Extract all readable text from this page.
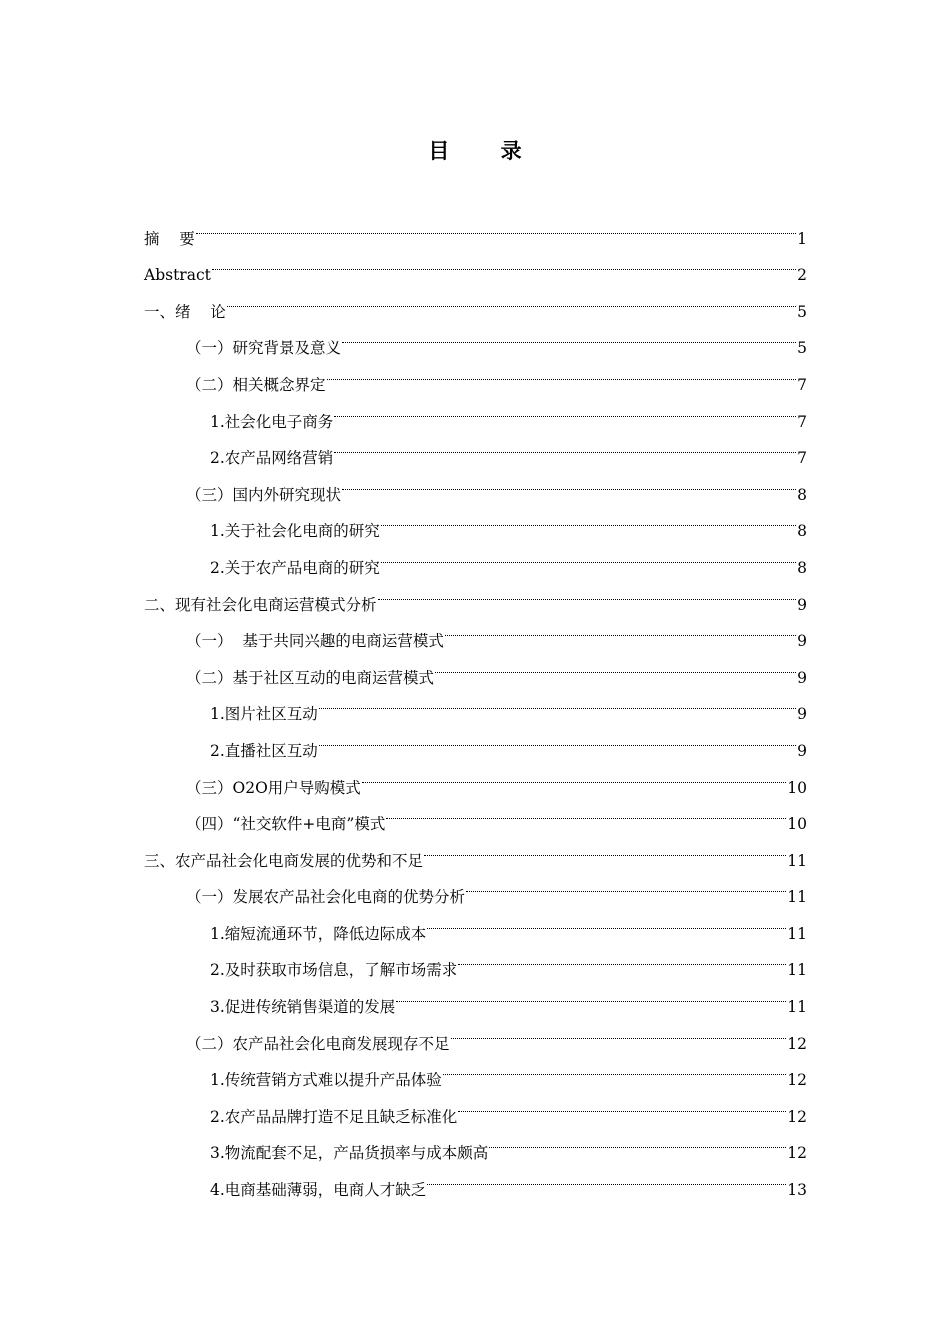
目 录
摘    要	1
Abstract	2
一、绪    论	5
（一）研究背景及意义	5
（二）相关概念界定	7
1.社会化电子商务	7
2.农产品网络营销	7
（三）国内外研究现状	8
1.关于社会化电商的研究	8
2.关于农产品电商的研究	8
二、现有社会化电商运营模式分析	9
（一）  基于共同兴趣的电商运营模式	9
（二）基于社区互动的电商运营模式	9
1.图片社区互动	9
2.直播社区互动	9
（三）O2O用户导购模式	10
（四）“社交软件+电商”模式	10
三、农产品社会化电商发展的优势和不足	11
（一）发展农产品社会化电商的优势分析	11
1.缩短流通环节，降低边际成本	11
2.及时获取市场信息，了解市场需求	11
3.促进传统销售渠道的发展	11
（二）农产品社会化电商发展现存不足	12
1.传统营销方式难以提升产品体验	12
2.农产品品牌打造不足且缺乏标准化	12
3.物流配套不足，产品货损率与成本颇高	12
4.电商基础薄弱，电商人才缺乏	13
